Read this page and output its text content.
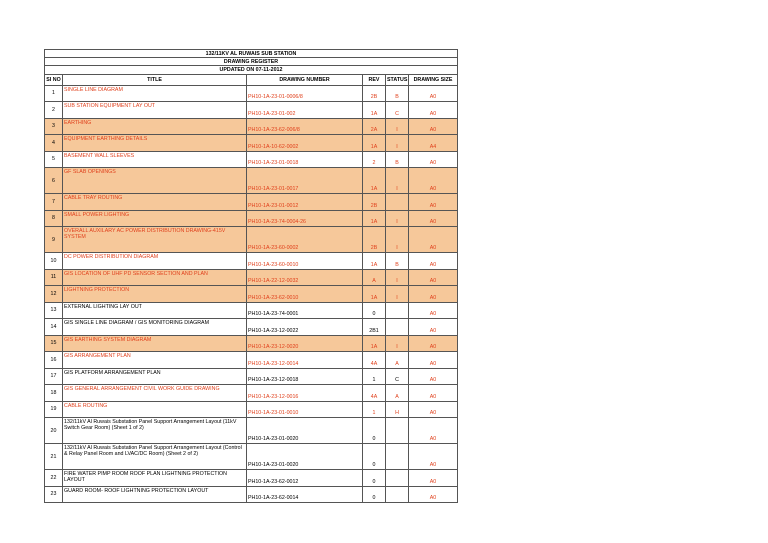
132/11KV AL RUWAIS SUB STATION					
DRAWING REGISTER					
UPDATED ON 07-11-2012					
SI NO	TITLE	DRAWING NUMBER	REV	STATUS	DRAWING SIZE
1	SINGLE LINE DIAGRAM	PH10-1A-23-01-0006/8	2B	B	A0
2	SUB STATION EQUIPMENT LAY OUT	PH10-1A-23-01-002	1A	C	A0
3	EARTHING	PH10-1A-23-62-006/8	2A	I	A0
4	EQUIPMENT EARTHING DETAILS	PH10-1A-10-62-0002	1A	I	A4
5	BASEMENT WALL SLEEVES	PH10-1A-23-01-0018	2	B	A0
6	GF SLAB OPENINGS	PH10-1A-23-01-0017	1A	I	A0
7	CABLE TRAY ROUTING	PH10-1A-23-01-0012	2B		A0
8	SMALL POWER LIGHTING	PH10-1A-23-74-0004-26	1A	I	A0
9	OVERALL AUXILARY AC POWER DISTRIBUTION DRAWING-415V SYSTEM	PH10-1A-23-60-0002	2B	I	A0
10	DC POWER DISTRIBUTION DIAGRAM	PH10-1A-23-60-0010	1A	B	A0
11	GIS LOCATION OF UHF PD SENSOR SECTION AND PLAN	PH10-1A-22-12-0032	A	I	A0
12	LIGHTNING PROTECTION	PH10-1A-23-62-0010	1A	I	A0
13	EXTERNAL LIGHTING LAY OUT	PH10-1A-23-74-0001	0		A0
14	GIS SINGLE LINE DIAGRAM / GIS MONITORING DIAGRAM	PH10-1A-23-12-0022	2B1		A0
15	GIS EARTHING SYSTEM DIAGRAM	PH10-1A-23-12-0020	1A	I	A0
16	GIS ARRANGEMENT PLAN	PH10-1A-23-12-0014	4A	A	A0
17	GIS PLATFORM ARRANGEMENT PLAN	PH10-1A-23-12-0018	1	C	A0
18	GIS GENERAL ARRANGEMENT CIVIL WORK GUIDE DRAWING	PH10-1A-23-12-0016	4A	A	A0
19	CABLE ROUTING	PH10-1A-23-01-0010	1	H	A0
20	132/11kV Al Ruwais Substation Panel Support Arrangement Layout (11kV Switch Gear Room) (Sheet 1 of 2)	PH10-1A-23-01-0020	0		A0
21	132/11kV Al Ruwais Substation Panel Support Arrangement Layout (Control & Relay Panel Room and LVAC/DC Room) (Sheet 2 of 2)	PH10-1A-23-01-0020	0		A0
22	FIRE WATER PIMP ROOM ROOF PLAN LIGHTNING PROTECTION LAYOUT	PH10-1A-23-62-0012	0		A0
23	GUARD ROOM- ROOF LIGHTNING PROTECTION LAYOUT	PH10-1A-23-62-0014	0		A0
